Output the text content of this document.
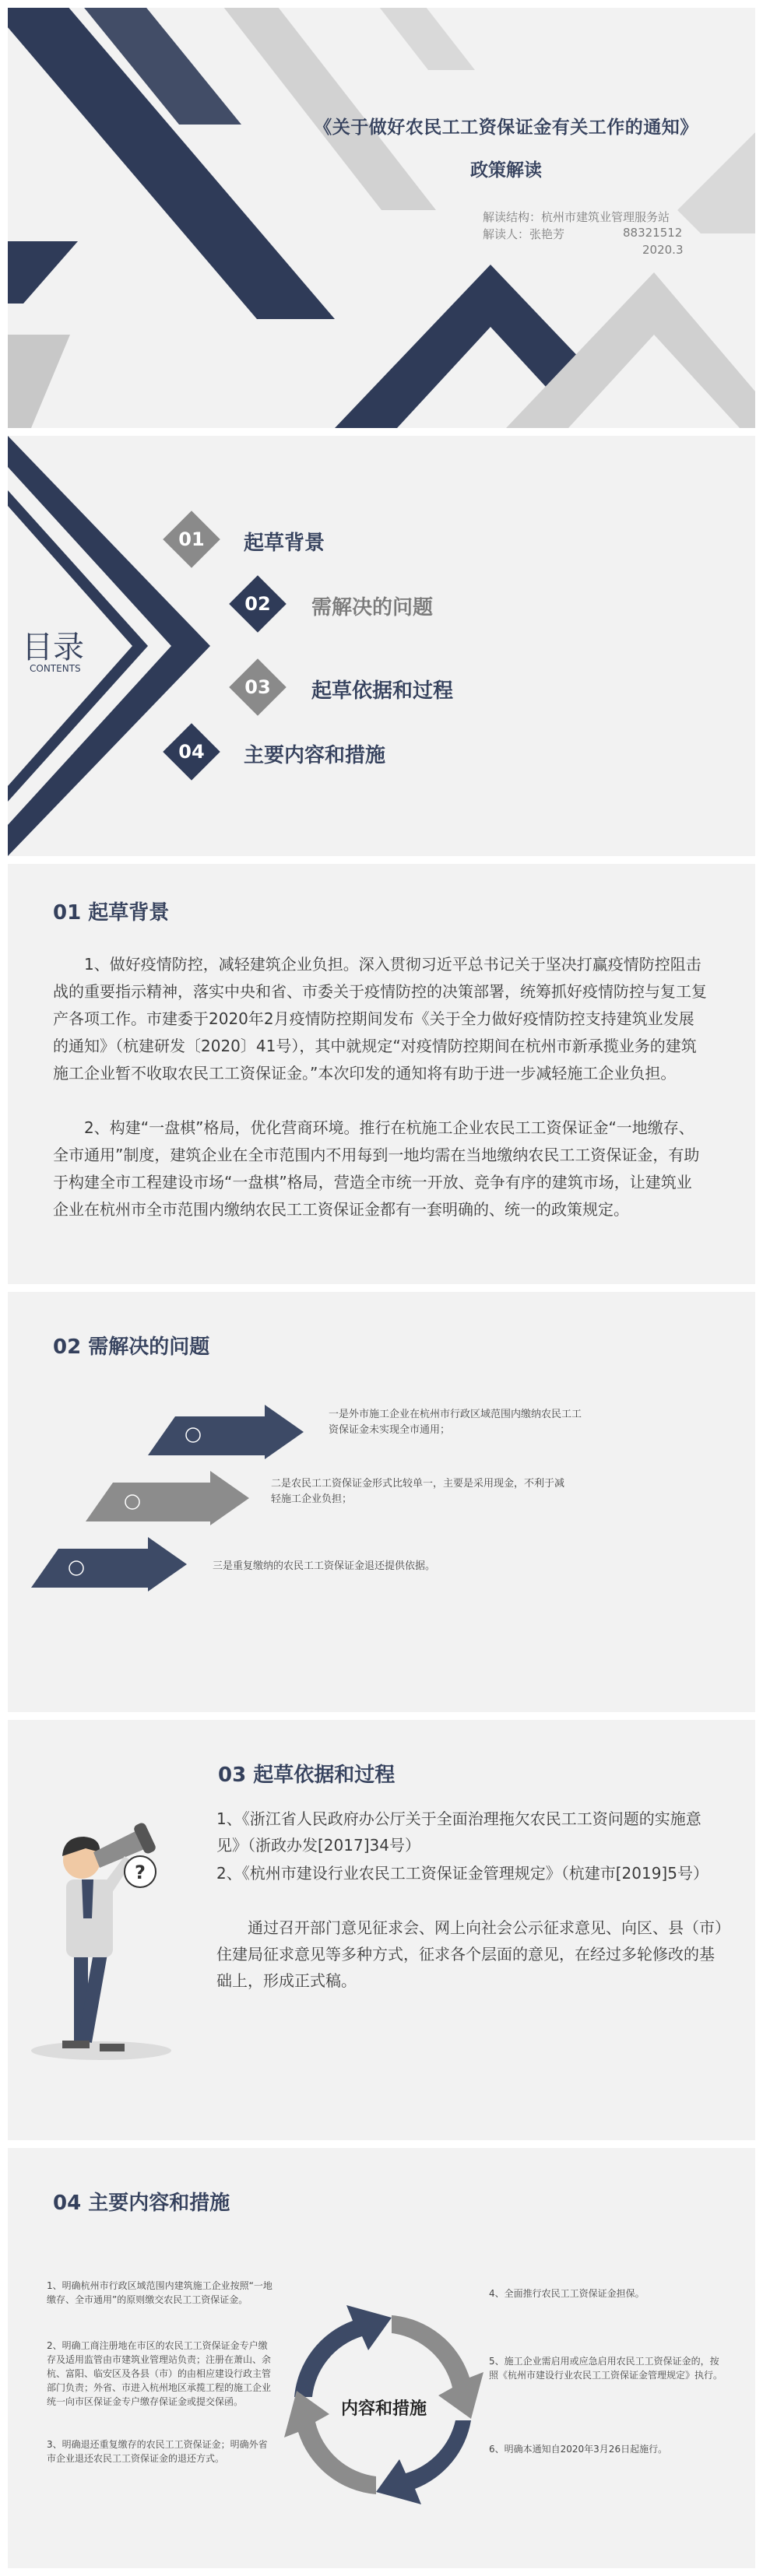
《关于做好农民工工资保证金有关工作的通知》
政策解读
解读结构：杭州市建筑业管理服务站
解读人：张艳芳	88321512
2020.3
目录
CONTENTS
01	起草背景
02	需解决的问题
03	起草依据和过程
04	主要内容和措施
01 起草背景
1、做好疫情防控，减轻建筑企业负担。深入贯彻习近平总书记关于坚决打赢疫情防控阻击战的重要指示精神，落实中央和省、市委关于疫情防控的决策部署，统筹抓好疫情防控与复工复产各项工作。市建委于2020年2月疫情防控期间发布《关于全力做好疫情防控支持建筑业发展的通知》（杭建研发〔2020〕41号），其中就规定“对疫情防控期间在杭州市新承揽业务的建筑施工企业暂不收取农民工工资保证金。”本次印发的通知将有助于进一步减轻施工企业负担。
2、构建“一盘棋”格局，优化营商环境。推行在杭施工企业农民工工资保证金“一地缴存、全市通用”制度，建筑企业在全市范围内不用每到一地均需在当地缴纳农民工工资保证金，有助于构建全市工程建设市场“一盘棋”格局，营造全市统一开放、竞争有序的建筑市场，让建筑业企业在杭州市全市范围内缴纳农民工工资保证金都有一套明确的、统一的政策规定。
02 需解决的问题
一是外市施工企业在杭州市行政区域范围内缴纳农民工工资保证金未实现全市通用；
二是农民工工资保证金形式比较单一，主要是采用现金，不利于减轻施工企业负担；
三是重复缴纳的农民工工资保证金退还提供依据。
?
03 起草依据和过程
1、《浙江省人民政府办公厅关于全面治理拖欠农民工工资问题的实施意见》（浙政办发[2017]34号）
2、《杭州市建设行业农民工工资保证金管理规定》（杭建市[2019]5号）
通过召开部门意见征求会、网上向社会公示征求意见、向区、县（市）住建局征求意见等多种方式，征求各个层面的意见，在经过多轮修改的基础上，形成正式稿。
04 主要内容和措施
内容和措施
1、明确杭州市行政区域范围内建筑施工企业按照“一地缴存、全市通用”的原则缴交农民工工资保证金。
2、明确工商注册地在市区的农民工工资保证金专户缴存及适用监管由市建筑业管理站负责；注册在萧山、余杭、富阳、临安区及各县（市）的由相应建设行政主管部门负责；外省、市进入杭州地区承揽工程的施工企业统一向市区保证金专户缴存保证金或提交保函。
3、明确退还重复缴存的农民工工资保证金；明确外省市企业退还农民工工资保证金的退还方式。
4、全面推行农民工工资保证金担保。
5、施工企业需启用或应急启用农民工工资保证金的，按照《杭州市建设行业农民工工资保证金管理规定》执行。
6、明确本通知自2020年3月26日起施行。
